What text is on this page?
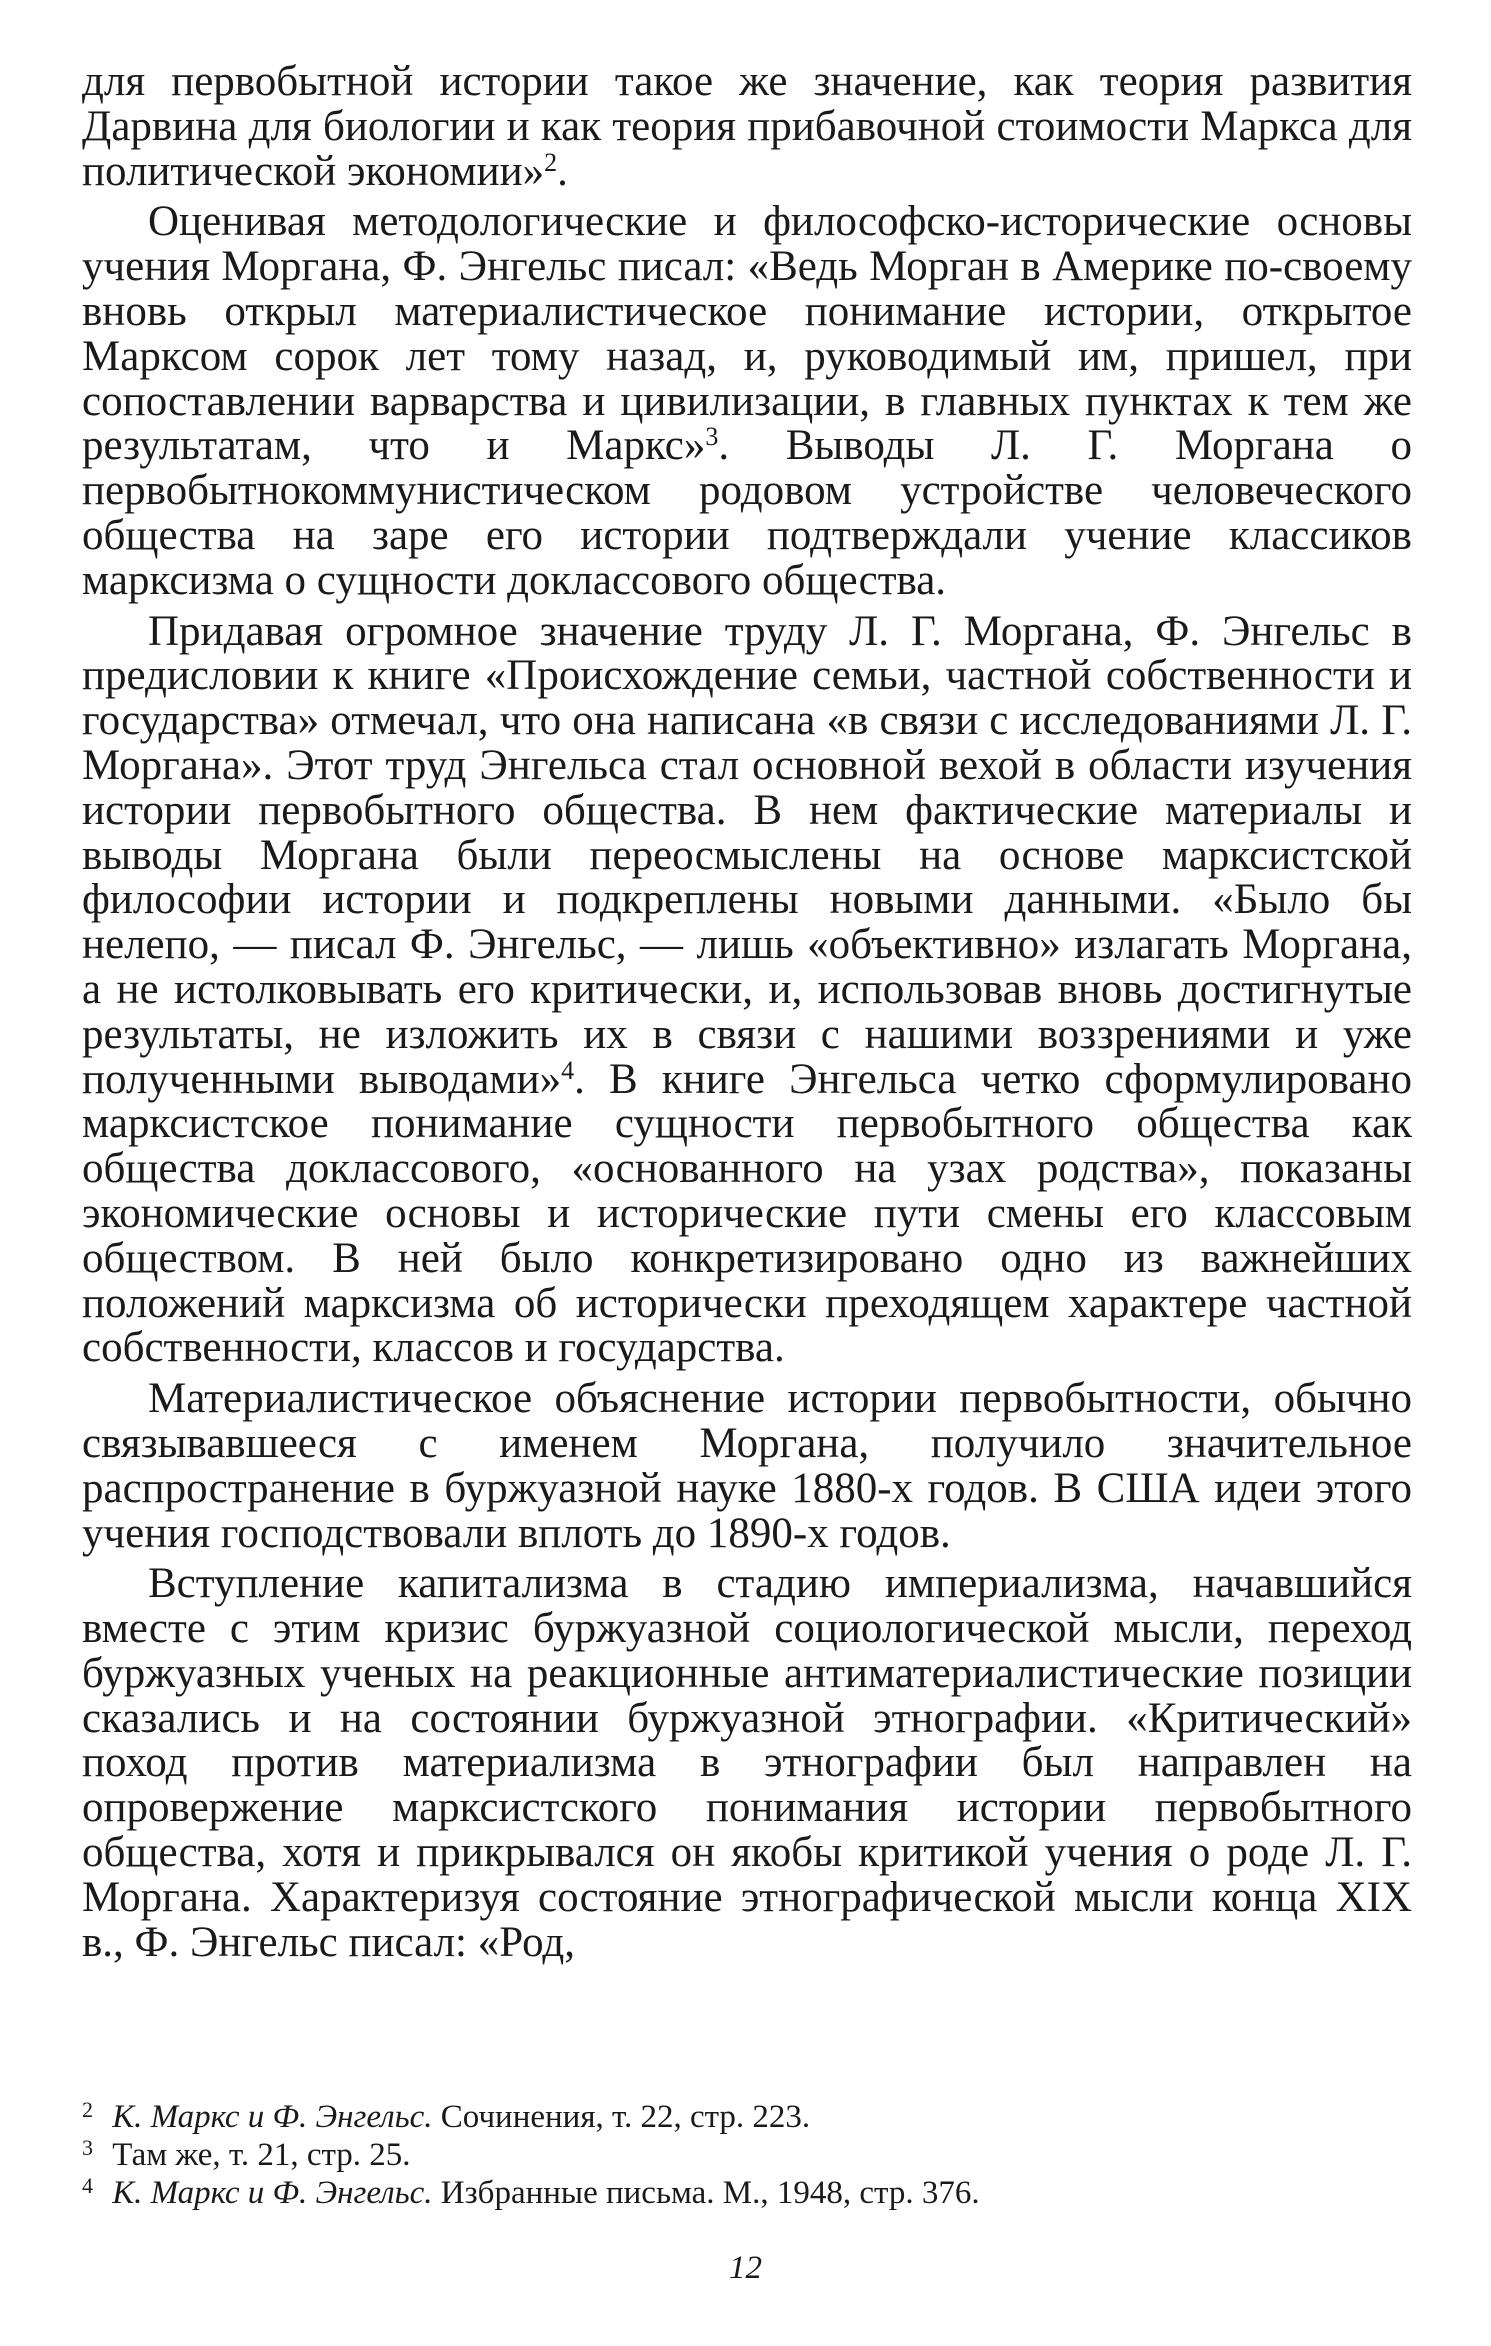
для первобытной истории такое же значение, как теория развития Дарвина для биологии и как теория прибавочной стоимости Маркса для политической экономии»$^2$.

Оценивая методологические и философско-исторические основы учения Моргана, Ф. Энгельс писал: «Ведь Морган в Америке по-своему вновь открыл материалистическое понимание истории, открытое Марксом сорок лет тому назад, и, руководимый им, пришел, при сопоставлении варварства и цивилизации, в главных пунктах к тем же результатам, что и Маркс»$^3$. Выводы Л. Г. Моргана о первобытнокоммунистическом родовом устройстве человеческого общества на заре его истории подтверждали учение классиков марксизма о сущности доклассового общества.

Придавая огромное значение труду Л. Г. Моргана, Ф. Энгельс в предисловии к книге «Происхождение семьи, частной собственности и государства» отмечал, что она написана «в связи с исследованиями Л. Г. Моргана». Этот труд Энгельса стал основной вехой в области изучения истории первобытного общества. В нем фактические материалы и выводы Моргана были переосмыслены на основе марксистской философии истории и подкреплены новыми данными. «Было бы нелепо, — писал Ф. Энгельс, — лишь «объективно» излагать Моргана, а не истолковывать его критически, и, использовав вновь достигнутые результаты, не изложить их в связи с нашими воззрениями и уже полученными выводами»$^4$. В книге Энгельса четко сформулировано марксистское понимание сущности первобытного общества как общества доклассового, «основанного на узах родства», показаны экономические основы и исторические пути смены его классовым обществом. В ней было конкретизировано одно из важнейших положений марксизма об исторически преходящем характере частной собственности, классов и государства.

Материалистическое объяснение истории первобытности, обычно связывавшееся с именем Моргана, получило значительное распространение в буржуазной науке 1880-х годов. В США идеи этого учения господствовали вплоть до 1890-х годов.

Вступление капитализма в стадию империализма, начавшийся вместе с этим кризис буржуазной социологической мысли, переход буржуазных ученых на реакционные антиматериалистические позиции сказались и на состоянии буржуазной этнографии. «Критический» поход против материализма в этнографии был направлен на опровержение марксистского понимания истории первобытного общества, хотя и прикрывался он якобы критикой учения о роде Л. Г. Моргана. Характеризуя состояние этнографической мысли конца XIX в., Ф. Энгельс писал: «Род,

2 К. Маркс и Ф. Энгельс. Сочинения, т. 22, стр. 223.
3 Там же, т. 21, стр. 25.
4 К. Маркс и Ф. Энгельс. Избранные письма. М., 1948, стр. 376.
12
